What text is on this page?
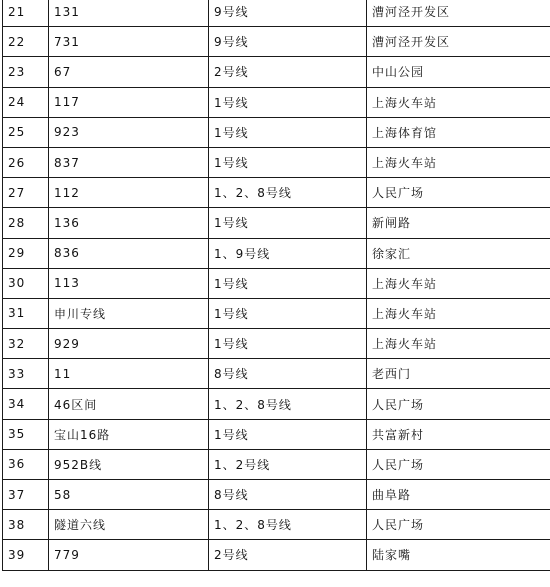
21	131	9号线	漕河泾开发区
22	731	9号线	漕河泾开发区
23	67	2号线	中山公园
24	117	1号线	上海火车站
25	923	1号线	上海体育馆
26	837	1号线	上海火车站
27	112	1、2、8号线	人民广场
28	136	1号线	新闸路
29	836	1、9号线	徐家汇
30	113	1号线	上海火车站
31	申川专线	1号线	上海火车站
32	929	1号线	上海火车站
33	11	8号线	老西门
34	46区间	1、2、8号线	人民广场
35	宝山16路	1号线	共富新村
36	952B线	1、2号线	人民广场
37	58	8号线	曲阜路
38	隧道六线	1、2、8号线	人民广场
39	779	2号线	陆家嘴
